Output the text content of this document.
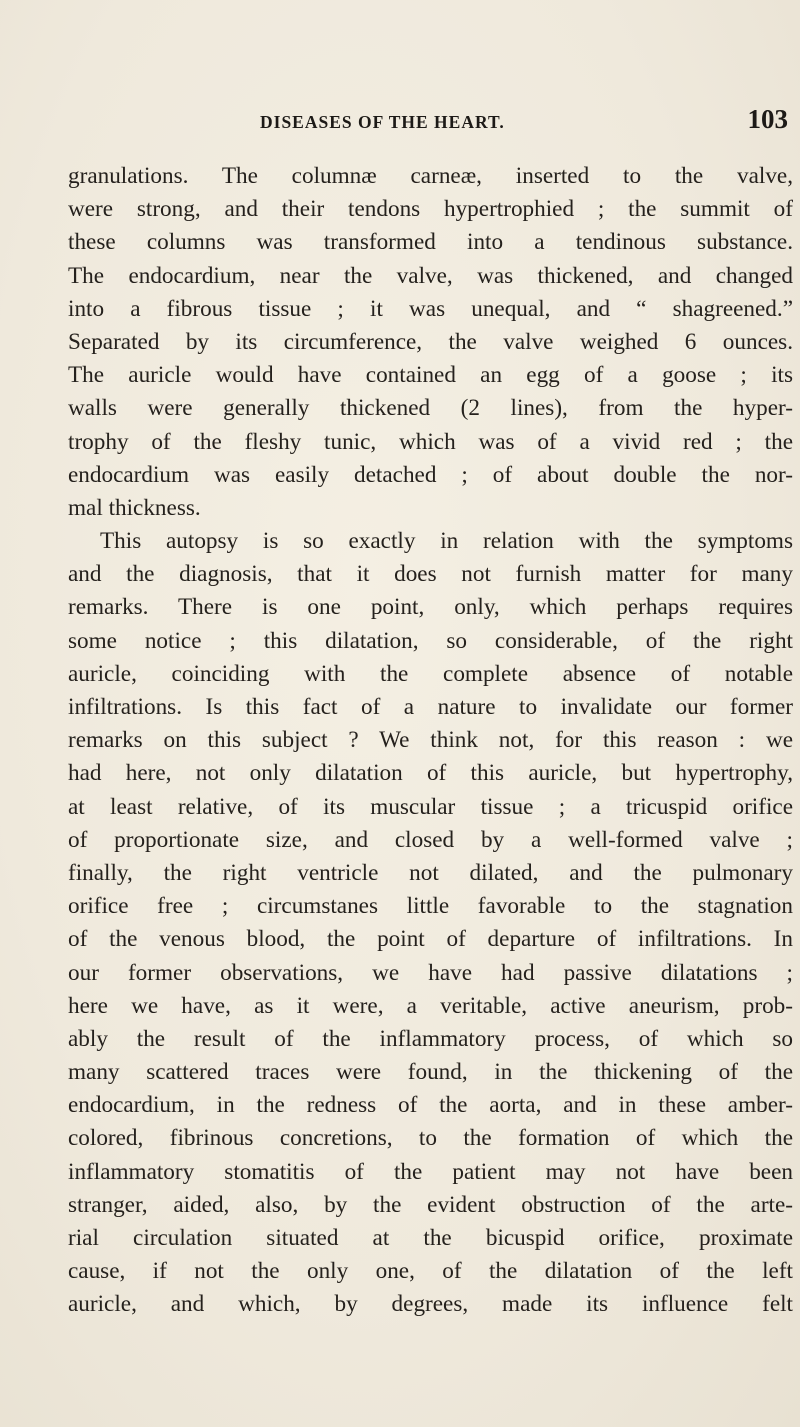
DISEASES OF THE HEART.	103
granulations. The columnæ carneæ, inserted to the valve,
were strong, and their tendons hypertrophied ; the summit of
these columns was transformed into a tendinous substance.
The endocardium, near the valve, was thickened, and changed
into a fibrous tissue ; it was unequal, and “ shagreened.”
Separated by its circumference, the valve weighed 6 ounces.
The auricle would have contained an egg of a goose ; its
walls were generally thickened (2 lines), from the hyper-
trophy of the fleshy tunic, which was of a vivid red ; the
endocardium was easily detached ; of about double the nor-
mal thickness.
This autopsy is so exactly in relation with the symptoms
and the diagnosis, that it does not furnish matter for many
remarks. There is one point, only, which perhaps requires
some notice ; this dilatation, so considerable, of the right
auricle, coinciding with the complete absence of notable
infiltrations. Is this fact of a nature to invalidate our former
remarks on this subject ? We think not, for this reason : we
had here, not only dilatation of this auricle, but hypertrophy,
at least relative, of its muscular tissue ; a tricuspid orifice
of proportionate size, and closed by a well-formed valve ;
finally, the right ventricle not dilated, and the pulmonary
orifice free ; circumstanes little favorable to the stagnation
of the venous blood, the point of departure of infiltrations. In
our former observations, we have had passive dilatations ;
here we have, as it were, a veritable, active aneurism, prob-
ably the result of the inflammatory process, of which so
many scattered traces were found, in the thickening of the
endocardium, in the redness of the aorta, and in these amber-
colored, fibrinous concretions, to the formation of which the
inflammatory stomatitis of the patient may not have been
stranger, aided, also, by the evident obstruction of the arte-
rial circulation situated at the bicuspid orifice, proximate
cause, if not the only one, of the dilatation of the left
auricle, and which, by degrees, made its influence felt
